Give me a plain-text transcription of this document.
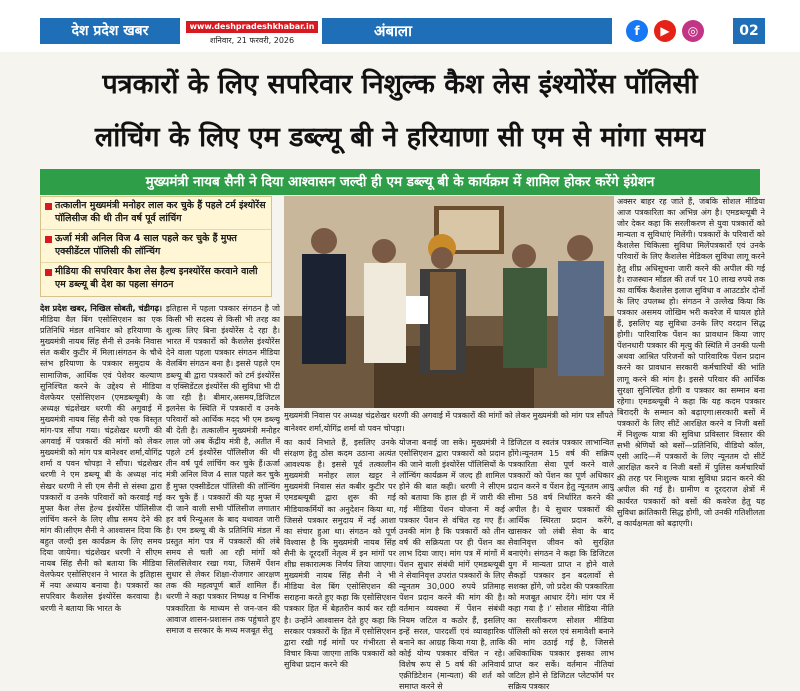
देश प्रदेश खबर	www.deshpradeshkhabar.in
शनिवार, 21 फरवरी, 2026
अंबाला	f	▶	◎	02
पत्रकारों के लिए सपरिवार निशुल्क कैश लेस इंश्योरेंस पॉलिसी
लांचिंग के लिए एम डब्ल्यू बी ने हरियाणा सी एम से मांगा समय
मुख्यमंत्री नायब सैनी ने दिया आश्वासन जल्दी ही एम डब्ल्यू बी के कार्यक्रम में शामिल होकर करेंगे इंग्रेशन
तत्कालीन मुख्यमंत्री मनोहर लाल कर चुके हैं पहले टर्म इंश्योरेंस पॉलिसीज की थी तीन वर्ष पूर्व लांचिंग
ऊर्जा मंत्री अनिल विज 4 साल पहले कर चुके हैं मुफ्त एक्सीडेंटल पॉलिसी की लॉन्चिंग
मीडिया की सपरिवार कैश लेस हैल्थ इनश्योरेंस करवाने वाली एम डब्ल्यू बी देश का पहला संगठन
मुख्यमंत्री निवास पर अध्यक्ष चंद्रशेखर धरणी की अगवाई में पत्रकारों की मांगों को लेकर मुख्यमंत्री को मांग पत्र सौंपते बानेश्वर शर्मा,योगिंद्र शर्मा वो पवन चोपड़ा।
देश प्रदेश खबर, निखिल सोबती, चंडीगढ़। मीडिया वैल बिंग एसोसिएशन का एक प्रतिनिधि मंडल शनिवार को हरियाणा के मुख्यमंत्री नायब सिंह सैनी से उनके निवास संत कबीर कुटीर में मिला।संगठन के चौथे स्तंभ हरियाणा के पत्रकार समुदाय के सामाजिक, आर्थिक एवं पेशेवर कल्याण सुनिश्चित करने के उद्देश्य से मीडिया वेलफेयर एसोसिएशन (एमडब्ल्यूबी) के अध्यक्ष चंद्रशेखर धरणी की अगुवाई में मुख्यमंत्री नायब सिंह सैनी को एक विस्तृत मांग-पत्र सौंपा गया। चंद्रशेखर धरणी की अगवाई में पत्रकारों की मांगों को लेकर मुख्यमंत्री को मांग पत्र बानेश्वर शर्मा,योगिंद्र शर्मा व पवन चोपड़ा ने सौंपा। चंद्रशेखर धरणी ने एम डब्ल्यू बी के अध्यक्ष नांद सेखर धरणी ने सी एम सैनी से संस्था द्वारा पत्रकारों व उनके परिवारों को करवाई गई मुफ्त कैश लेस हेल्थ इंश्योरेंस पॉलिसीज लांचिंग करने के लिए शीघ्र समय देने की मांग की।सीएम सैनी ने आश्वासन दिया कि बहुत जल्दी इस कार्यक्रम के लिए समय दिया जायेगा। चंद्रशेखर धरणी ने सीएम नायब सिंह सैनी को बताया कि मीडिया वेलफेयर एसोसिएशन ने भारत के इतिहास में नया अध्याय बनाया है। पत्रकारों का सपरिवार कैशलेस इंश्योरेंस करवाया है। धरणी ने बताया कि भारत के
इतिहास में पहला पत्रकार संगठन है जो किसी भी सदस्य से किसी भी तरह का शुल्क लिए बिना इंश्योरेंस दे रहा है। भारत में पत्रकारों को कैशलेस इंश्योरेंस देने वाला पहला पत्रकार संगठन मीडिया वेलबिंग संगठन बना है। इससे पहले एम डब्ल्यू बी द्वारा पत्रकारों को टर्म इंश्योरेंस व एक्सिडेंटल इंश्योरेंस की सुविधा भी दी जा रही है। बीमार,असमय,डिजिटल इलनेस के स्थिति में पत्रकारों व उनके परिवारों को आर्थिक मदद भी एम डब्ल्यू बी देती है। तत्कालीन मुख्यमंत्री मनोहर लाल जो अब केंद्रीय मंत्री है, अतीत में पहले टर्म इंश्योरेंस पॉलिसीज की थी तीन वर्ष पूर्व लांचिंग कर चुके हैं।ऊर्जा मंत्री अनिल विज 4 साल पहले कर चुके हैं मुफ्त एक्सीडेंटल पॉलिसी की लॉन्चिंग कर चुके हैं । पत्रकारों की यह मुफ्त में दी जाने वाली सभी पॉलिसीज लगातार हर वर्ष रिन्यूअल के बाद यथावत जारी है। एम डब्ल्यू बी के प्रतिनिधि मंडल में प्रस्तुत मांग पत्र में पत्रकारों की लंबे समय से चली आ रही मांगों को सिलसिलेवार रखा गया, जिसमें पेंशन सुधार से लेकर शिक्षा-रोजगार आरक्षण तक की महत्वपूर्ण बातें शामिल हैं। धरणी ने कहा पत्रकार निष्पक्ष व निर्भीक पत्रकारिता के माध्यम से जन-जन की आवाज शासन-प्रशासन तक पहुंचाते हुए समाज व सरकार के मध्य मजबूत सेतु
का कार्य निभाते हैं, इसलिए उनके संरक्षण हेतु ठोस कदम उठाना अत्यंत आवश्यक है। इससे पूर्व तत्कालीन मुख्यमंत्री मनोहर लाल खट्टर ने मुख्यमंत्री निवास संत कबीर कुटीर पर एमडब्ल्यूबी द्वारा शुरू की गई मीडियाकर्मियों का अनुदेशन किया था, जिससे पत्रकार समुदाय में नई आशा का संचार हुआ था। संगठन को पूर्ण विश्वास है कि मुख्यमंत्री नायब सिंह सैनी के दूरदर्शी नेतृत्व में इन मांगों पर शीघ्र सकारात्मक निर्णय लिया जाएगा। मुख्यमंत्री नायब सिंह सैनी ने भी मीडिया वेल बिंग एसोसिएशन की सराहना करते हुए कहा कि एसोसिएशन पत्रकार हित में बेहतरीन कार्य कर रही है। उन्होंने आश्वासन देते हुए कहा कि सरकार पत्रकारों के हित में एसोसिएशन द्वारा रखी गई मांगों पर गंभीरता से विचार किया जाएगा ताकि पत्रकारों को सुविधा प्रदान करने की
योजना बनाई जा सके। मुख्यमंत्री ने एसोसिएशन द्वारा पत्रकारों को प्रदान की जाने वाली इंश्योरेंस पॉलिसियों के लॉन्चिंग कार्यक्रम में जल्द ही शामिल होने की बात कही। धरणी ने सीएम को बताया कि हाल ही में जारी की गई मीडिया पेंशन योजना में कई पत्रकार पेंशन से वंचित रह गए हैं। उनकी मांग है कि पत्रकारों को तीन वर्ष की सक्रियता पर ही पेंशन का लाभ दिया जाए। मांग पत्र में मांगों में पेंशन सुधार संबंधी मांगें एमडब्ल्यूबी ने सेवानिवृत्त उपरांत पत्रकारों के लिए न्यूनतम 30,000 रुपये प्रतिमाह पेंशन प्रदान करने की मांग की है। वर्तमान व्यवस्था में पेंशन संबंधी नियम जटिल व कठोर हैं, इसलिए इन्हें सरल, पारदर्शी एवं व्यावहारिक बनाने का आग्रह किया गया है, ताकि कोई योग्य पत्रकार वंचित न रहे। विशेष रूप से 5 वर्ष की अनिवार्य एक्रीडिटेशन (मान्यता) की शर्त को समाप्त करने से
डिजिटल व स्वतंत्र पत्रकार लाभान्वित होंगे।न्यूनतम 15 वर्ष की सक्रिय पत्रकारिता सेवा पूर्ण करने वाले पत्रकारों को पेंशन का पूर्ण अधिकार प्रदान करने व पेंशन हेतु न्यूनतम आयु सीमा 58 वर्ष निर्धारित करने की अपील है। ये सुधार पत्रकारों की आर्थिक स्थिरता प्रदान करेंगे, खासकर जो लंबी सेवा के बाद सेवानिवृत्त जीवन को सुरक्षित बनाएंगे। संगठन ने कहा कि डिजिटल युग में मान्यता प्राप्त न होने वाले सैकड़ों पत्रकार इन बदलावों से सशक्त होंगे, जो प्रदेश की पत्रकारिता को मजबूत आधार देंगे। मांग पत्र में कहा गया है ।' सोशल मीडिया नीति का सरलीकरण सोशल मीडिया पॉलिसी को सरल एवं समावेशी बनाने की मांग उठाई गई है, जिससे अधिकाधिक पत्रकार इसका लाभ प्राप्त कर सकें। वर्तमान नीतियां जटिल होने से डिजिटल प्लेटफॉर्म पर सक्रिय पत्रकार
अक्सर बाहर रह जाते हैं, जबकि सोशल मीडिया आज पत्रकारिता का अभिन्न अंग है। एमडब्ल्यूबी ने जोर देकर कहा कि सरलीकरण से युवा पत्रकारों को मान्यता व सुविधाएं मिलेंगी। पत्रकारों के परिवारों को कैशलेस चिकित्सा सुविधा मिलेंपत्रकारों एवं उनके परिवारों के लिए कैशलेस मेडिकल सुविधा लागू करने हेतु शीघ्र अधिसूचना जारी करने की अपील की गई है। राजस्थान मॉडल की तर्ज पर 10 लाख रुपये तक का वार्षिक कैशलेस इलाज सुविधा व आउटडोर दोनों के लिए उपलब्ध हो। संगठन ने उल्लेख किया कि पत्रकार असमय जोखिम भरी कवरेज में घायल होते हैं, इसलिए यह सुविधा उनके लिए वरदान सिद्ध होगी। पारिवारिक पेंशन का प्रावधान किया जाए पेंशनधारी पत्रकार की मृत्यु की स्थिति में उनकी पत्नी अथवा आश्रित परिजनों को पारिवारिक पेंशन प्रदान करने का प्रावधान सरकारी कर्मचारियों की भांति लागू करने की मांग है। इससे परिवार की आर्थिक सुरक्षा सुनिश्चित होगी व पत्रकार का सम्मान बना रहेगा। एमडब्ल्यूबी ने कहा कि यह कदम पत्रकार बिरादरी के सम्मान को बढ़ाएगा।सरकारी बसों में पत्रकारों के लिए सीटें आरक्षित करने व निजी बसों में निशुल्क यात्रा की सुविधा प्रविस्तार विस्तार की सभी श्रेणियों को बसों—प्रतिनिधि, वीडियो कॉल, एसी आदि—में पत्रकारों के लिए न्यूनतम दो सीटें आरक्षित करने व निजी बसों में पुलिस कर्मचारियों की तरह पर निःशुल्क यात्रा सुविधा प्रदान करने की अपील की गई है। ग्रामीण व दूरदराज क्षेत्रों में कार्यरत पत्रकारों को बसों की कवरेज हेतु यह सुविधा क्रांतिकारी सिद्ध होगी, जो उनकी गतिशीलता व कार्यक्षमता को बढ़ाएगी।
